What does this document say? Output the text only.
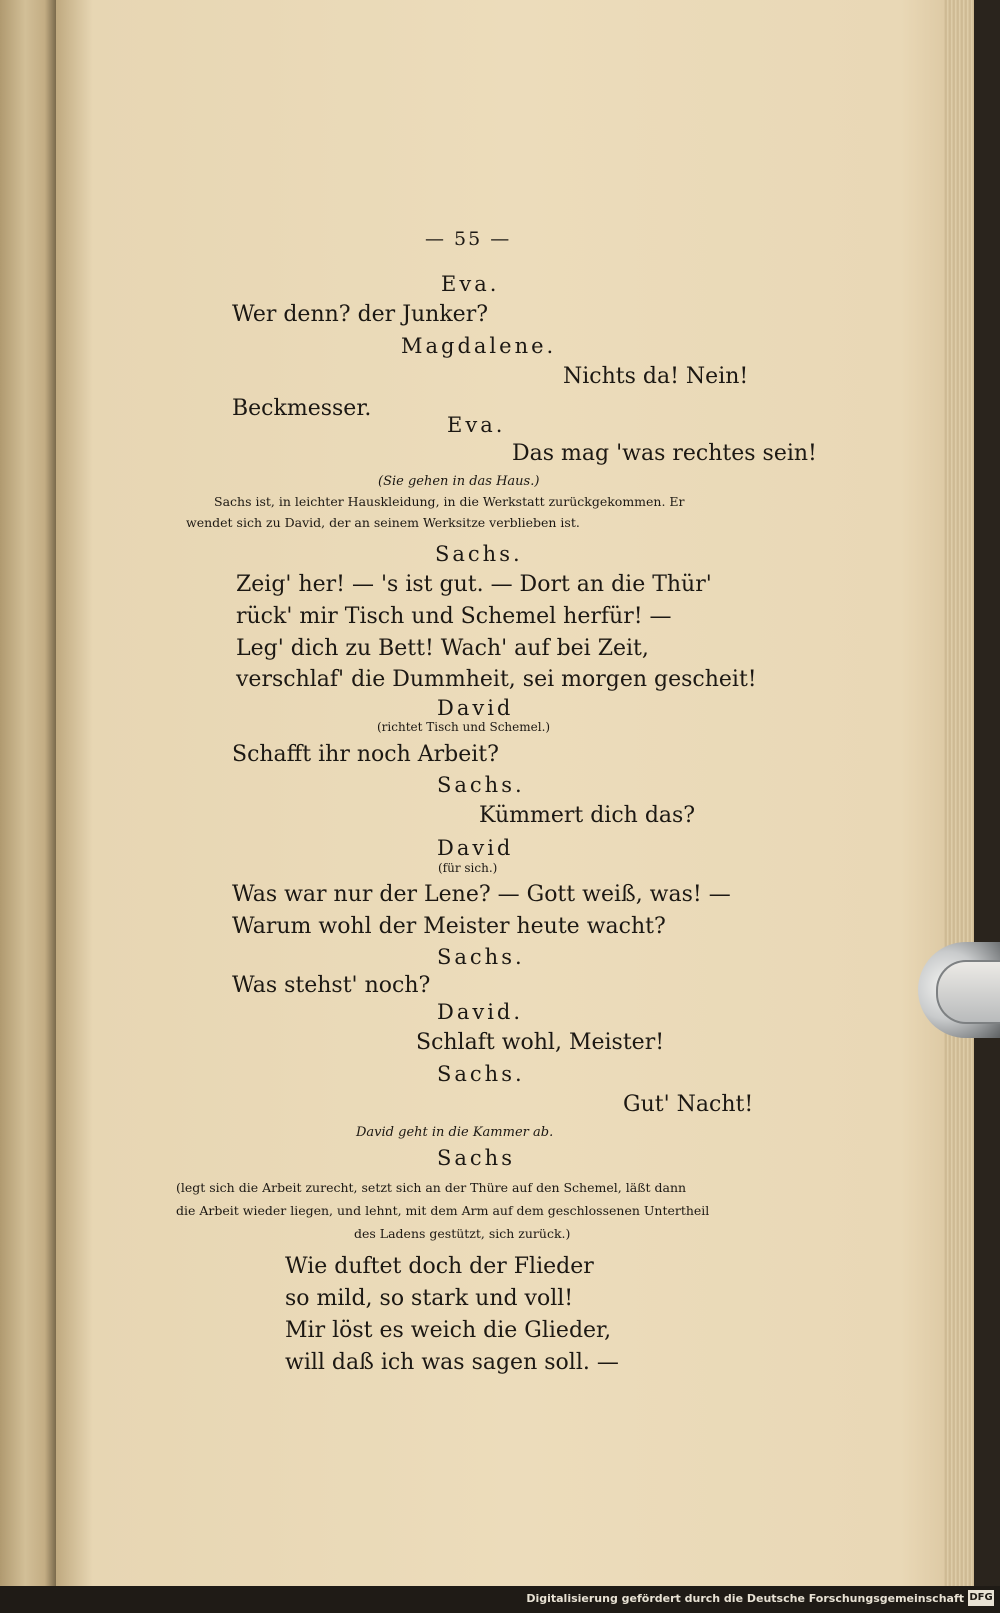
— 55 —
Eva.
Wer denn? der Junker?
Magdalene.
Nichts da! Nein!
Beckmesser.
Eva.
Das mag 'was rechtes sein!
(Sie gehen in das Haus.)
Sachs ist, in leichter Hauskleidung, in die Werkstatt zurückgekommen. Er
wendet sich zu David, der an seinem Werksitze verblieben ist.
Sachs.
Zeig' her! — 's ist gut. — Dort an die Thür'
rück' mir Tisch und Schemel herfür! —
Leg' dich zu Bett! Wach' auf bei Zeit,
verschlaf' die Dummheit, sei morgen gescheit!
David
(richtet Tisch und Schemel.)
Schafft ihr noch Arbeit?
Sachs.
Kümmert dich das?
David
(für sich.)
Was war nur der Lene? — Gott weiß, was! —
Warum wohl der Meister heute wacht?
Sachs.
Was stehst' noch?
David.
Schlaft wohl, Meister!
Sachs.
Gut' Nacht!
David geht in die Kammer ab.
Sachs
(legt sich die Arbeit zurecht, setzt sich an der Thüre auf den Schemel, läßt dann
die Arbeit wieder liegen, und lehnt, mit dem Arm auf dem geschlossenen Untertheil
des Ladens gestützt, sich zurück.)
Wie duftet doch der Flieder
so mild, so stark und voll!
Mir löst es weich die Glieder,
will daß ich was sagen soll. —
Digitalisierung gefördert durch die Deutsche Forschungsgemeinschaft DFG
